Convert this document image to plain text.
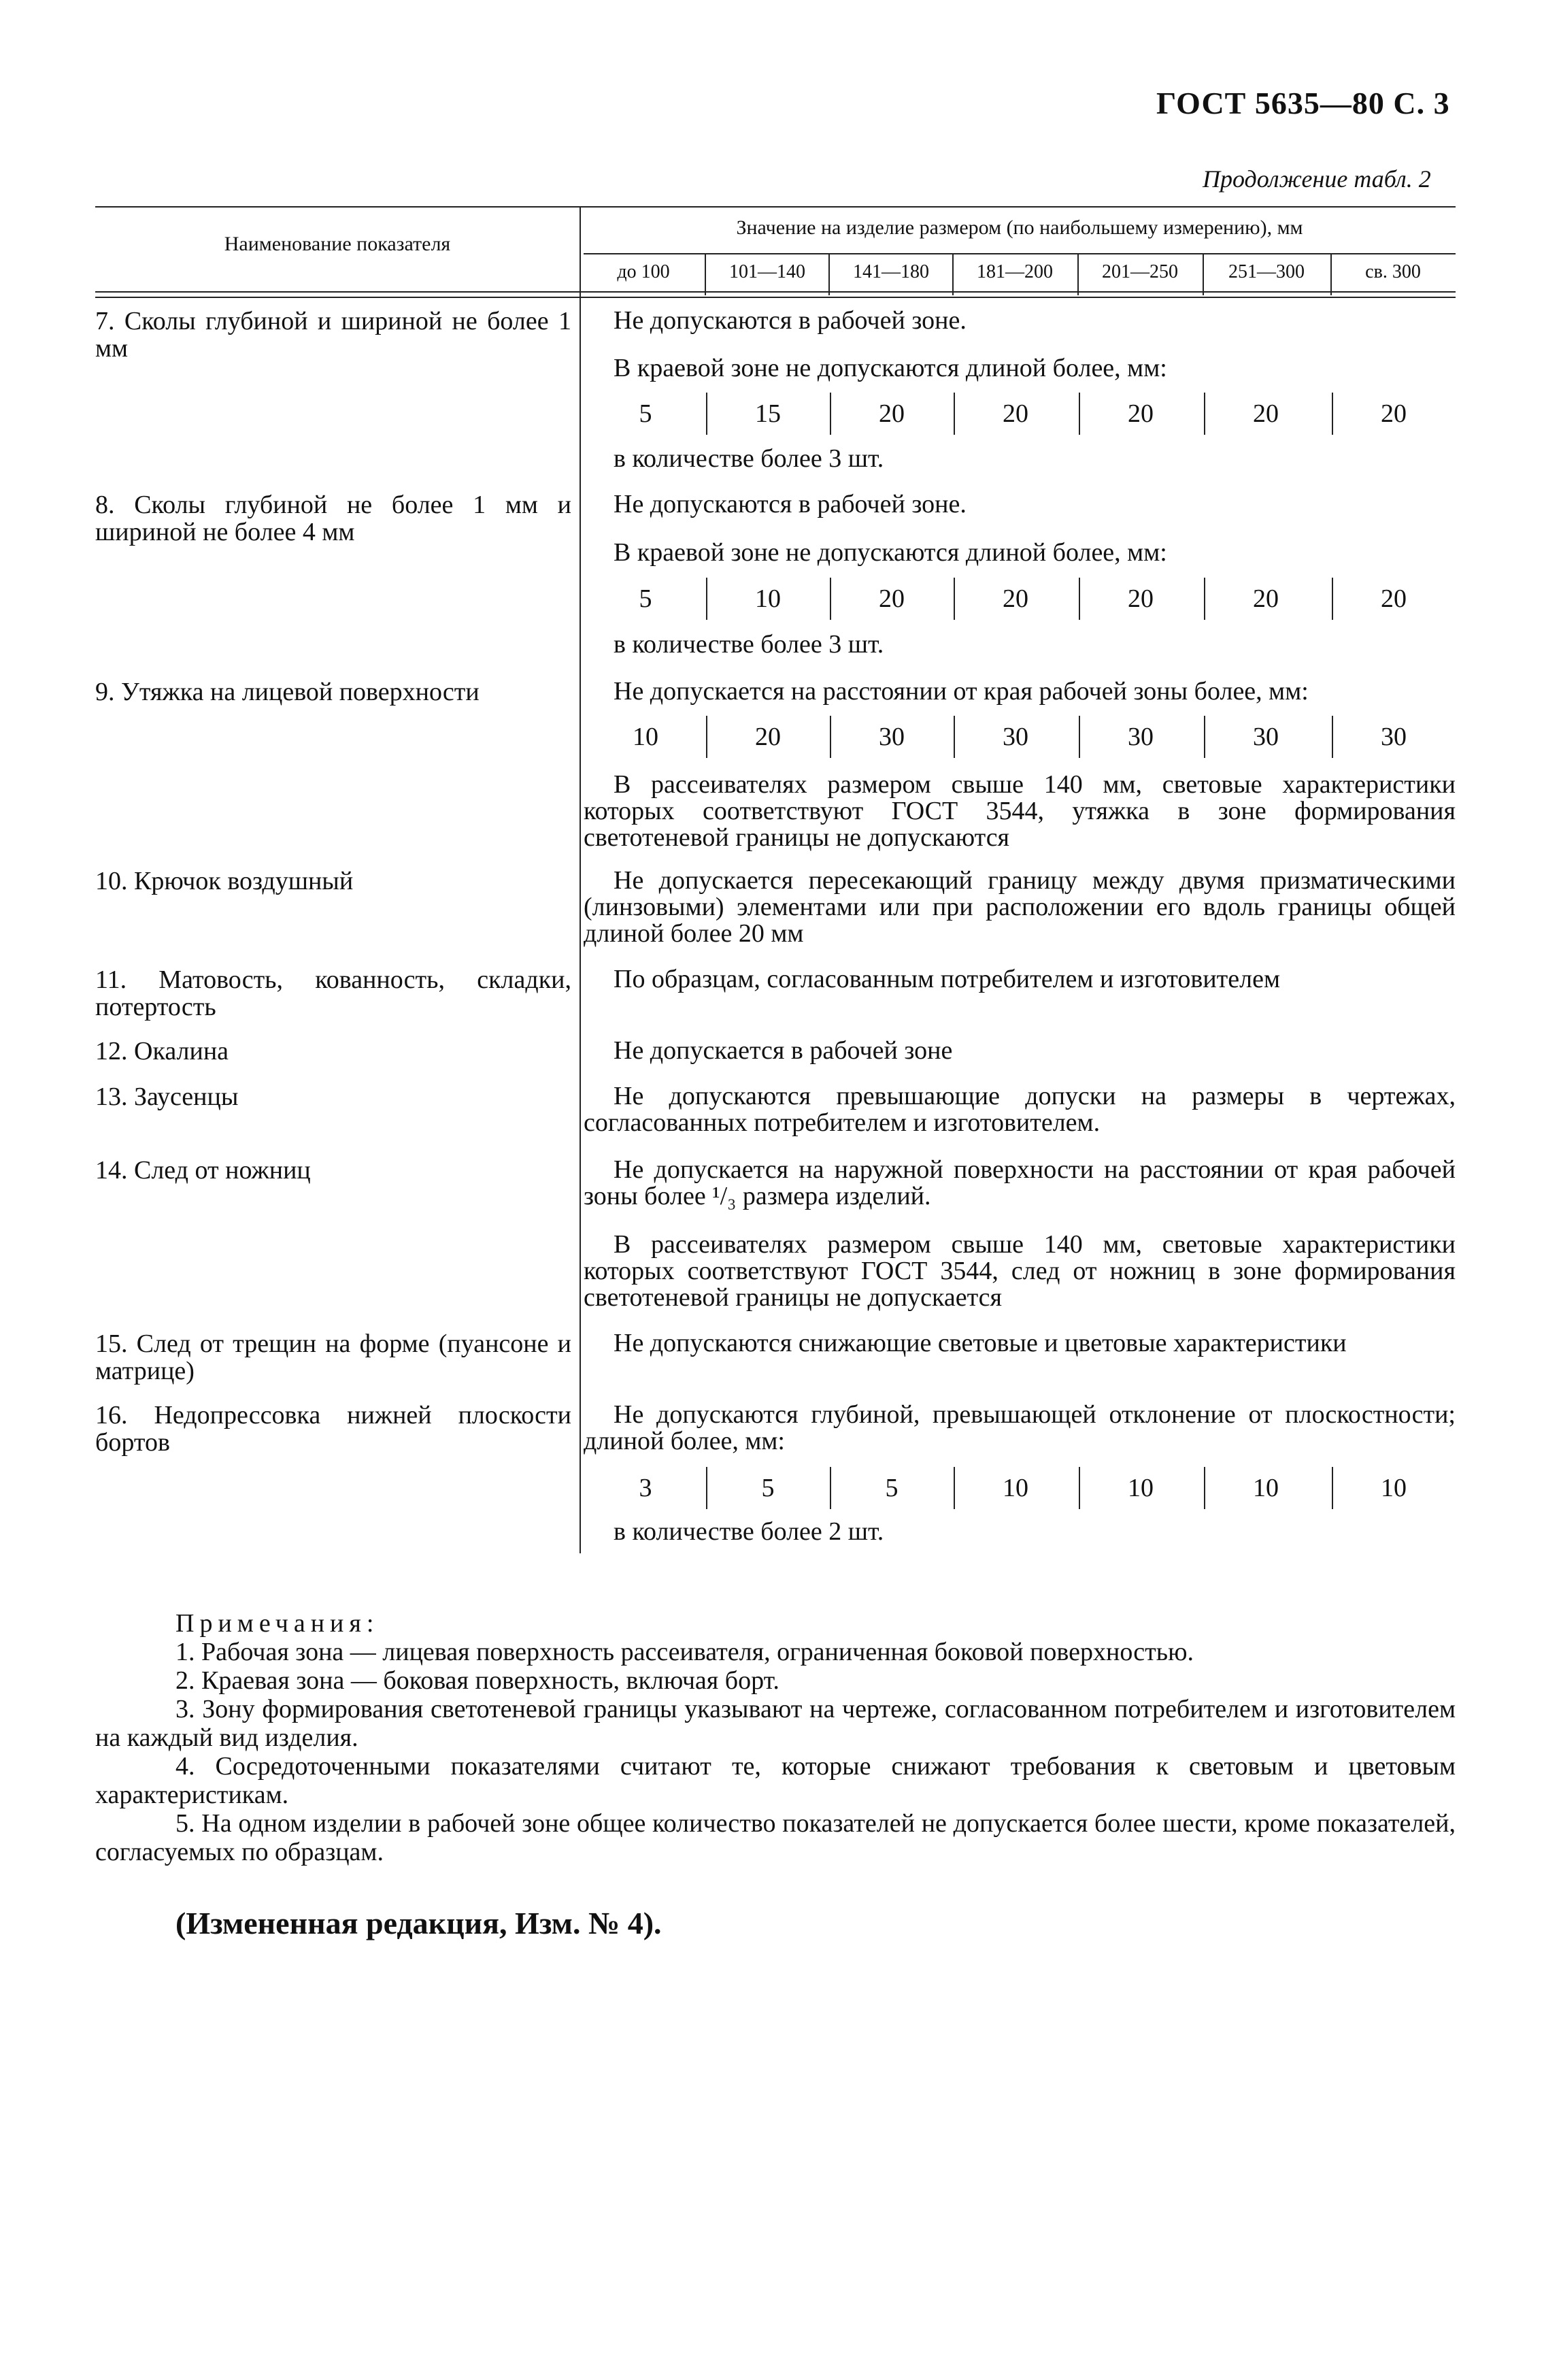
ГОСТ 5635—80 С. 3
Продолжение табл. 2
Наименование показателя
Значение на изделие размером (по наибольшему измерению), мм
до 100	101—140	141—180	181—200	201—250	251—300	св. 300
7. Сколы глубиной и шириной не более 1 мм
Не допускаются в рабочей зоне.
В краевой зоне не допускаются длиной более, мм:
5	15	20	20	20	20	20
в количестве более 3 шт.
8. Сколы глубиной не более 1 мм и шириной не более 4 мм
Не допускаются в рабочей зоне.
В краевой зоне не допускаются длиной более, мм:
5	10	20	20	20	20	20
в количестве более 3 шт.
9. Утяжка на лицевой поверхности	Не допускается на расстоянии от края рабочей зоны более, мм:
10	20	30	30	30	30	30
В рассеивателях размером свыше 140 мм, световые характеристики которых соответствуют ГОСТ 3544, утяжка в зоне формирования светотеневой границы не допускаются
10. Крючок воздушный	Не допускается пересекающий границу между двумя призматическими (линзовыми) элементами или при расположении его вдоль границы общей длиной более 20 мм
11. Матовость, кованность, складки, потертость
По образцам, согласованным потребителем и изготовителем
12. Окалина	Не допускается в рабочей зоне
13. Заусенцы	Не допускаются превышающие допуски на размеры в чертежах, согласованных потребителем и изготовителем.
14. След от ножниц	Не допускается на наружной поверхности на расстоянии от края рабочей зоны более ¹/₃ размера изделий.
В рассеивателях размером свыше 140 мм, световые характеристики которых соответствуют ГОСТ 3544, след от ножниц в зоне формирования светотеневой границы не допускается
15. След от трещин на форме (пуансоне и матрице)
Не допускаются снижающие световые и цветовые характеристики
16. Недопрессовка нижней плоскости бортов
Не допускаются глубиной, превышающей отклонение от плоскостности; длиной более, мм:
3	5	5	10	10	10	10
в количестве более 2 шт.
Примечания:
1. Рабочая зона — лицевая поверхность рассеивателя, ограниченная боковой поверхностью.
2. Краевая зона — боковая поверхность, включая борт.
3. Зону формирования светотеневой границы указывают на чертеже, согласованном потребителем и изготовителем на каждый вид изделия.
4. Сосредоточенными показателями считают те, которые снижают требования к световым и цветовым характеристикам.
5. На одном изделии в рабочей зоне общее количество показателей не допускается более шести, кроме показателей, согласуемых по образцам.
(Измененная редакция, Изм. № 4).
